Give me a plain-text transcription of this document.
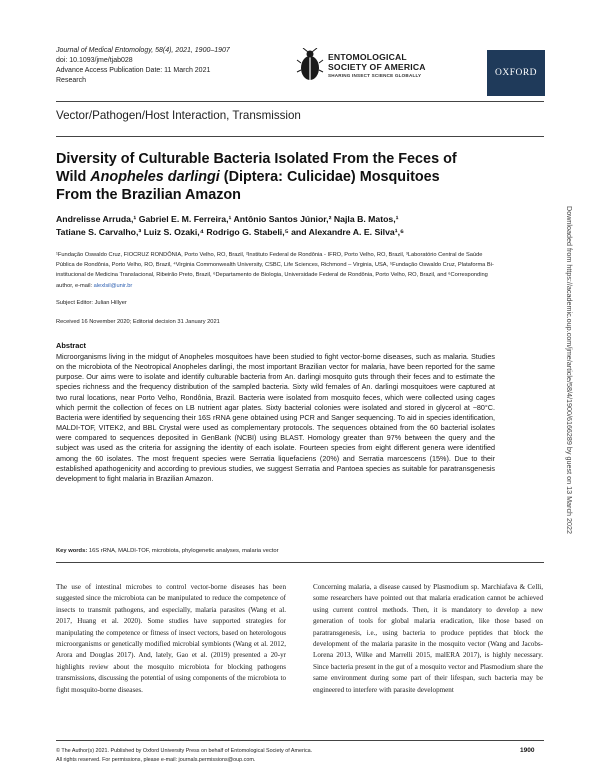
Journal of Medical Entomology, 58(4), 2021, 1900–1907
doi: 10.1093/jme/tjab028
Advance Access Publication Date: 11 March 2021
Research
ENTOMOLOGICAL
SOCIETY OF AMERICA
SHARING INSECT SCIENCE GLOBALLY	OXFORD
Vector/Pathogen/Host Interaction, Transmission
Diversity of Culturable Bacteria Isolated From the Feces of
Wild Anopheles darlingi (Diptera: Culicidae) Mosquitoes
From the Brazilian Amazon
Andrelisse Arruda,¹ Gabriel E. M. Ferreira,¹ Antônio Santos Júnior,² Najla B. Matos,¹
Tatiane S. Carvalho,³ Luiz S. Ozaki,⁴ Rodrigo G. Stabeli,⁵ and Alexandre A. E. Silva¹,⁶
¹Fundação Oswaldo Cruz, FIOCRUZ RONDÔNIA, Porto Velho, RO, Brazil, ²Instituto Federal de Rondônia - IFRO, Porto Velho, RO, Brazil, ³Laboratório Central de Saúde Pública de Rondônia, Porto Velho, RO, Brazil, ⁴Virginia Commonwealth University, CSBC, Life Sciences, Richmond – Virginia, USA, ⁵Fundação Oswaldo Cruz, Plataforma Bi-institucional de Medicina Translacional, Ribeirão Preto, Brazil, ⁶Departamento de Biologia, Universidade Federal de Rondônia, Porto Velho, RO, Brazil, and ⁶Corresponding author, e-mail: alexlsil@unir.br
Subject Editor: Julian Hillyer
Received 16 November 2020; Editorial decision 31 January 2021
Abstract
Microorganisms living in the midgut of Anopheles mosquitoes have been studied to fight vector-borne diseases, such as malaria. Studies on the microbiota of the Neotropical Anopheles darlingi, the most important Brazilian vector for malaria, have been reported for the same purpose. Our aims were to isolate and identify culturable bacteria from An. darlingi mosquito guts through their feces and to estimate the species richness and the frequency distribution of the sampled bacteria. Sixty wild females of An. darlingi mosquitoes were captured at two rural locations, near Porto Velho, Rondônia, Brazil. Bacteria were isolated from mosquito feces, which were collected using cages which permit the collection of feces on LB nutrient agar plates. Sixty bacterial colonies were isolated and stored in glycerol at −80°C. Bacteria were identified by sequencing their 16S rRNA gene obtained using PCR and Sanger sequencing. To aid in species identification, MALDI-TOF, VITEK2, and BBL Crystal were used as complementary protocols. The sequences obtained from the 60 bacterial isolates were compared to sequences deposited in GenBank (NCBI) using BLAST. Homology greater than 97% between the query and the subject was used as the criteria for assigning the identity of each isolate. Fourteen species from eight different genera were identified among the 60 isolates. The most frequent species were Serratia liquefaciens (20%) and Serratia marcescens (15%). Due to their established apathogenicity and according to previous studies, we suggest Serratia and Pantoea species as suitable for paratransgenesis development to fight malaria in Brazilian Amazon.
Key words: 16S rRNA, MALDI-TOF, microbiota, phylogenetic analyses, malaria vector
The use of intestinal microbes to control vector-borne diseases has been suggested since the microbiota can be manipulated to reduce the competence of insects to transmit pathogens, and especially, malaria parasites (Wang et al. 2017, Huang et al. 2020). Some studies have supported strategies for manipulating the competence or fitness of insect vectors, based on heterologous microorganisms or genetically modified microbial symbionts (Wang et al. 2012, Arora and Douglas 2017). And, lately, Gao et al. (2019) presented a 20-yr highlights review about the mosquito microbiota for blocking pathogens transmissions, discussing the potential of using components of the microbiota to fight mosquito-borne diseases.
Concerning malaria, a disease caused by Plasmodium sp. Marchiafava & Celli, some researchers have pointed out that malaria eradication cannot be achieved using current control methods. Then, it is mandatory to develop a new generation of tools for global malaria eradication, like those based on paratransgenesis, i.e., using bacteria to produce peptides that block the development of the malaria parasite in the mosquito vector (Wang and Jacobs-Lorena 2013, Wilke and Marrelli 2015, malERA 2017), is highly necessary. Since bacteria present in the gut of a mosquito vector and Plasmodium share the same environment during some part of their lifespan, such bacteria may be engineered to interfere with parasite development
© The Author(s) 2021. Published by Oxford University Press on behalf of Entomological Society of America.
All rights reserved. For permissions, please e-mail: journals.permissions@oup.com.
1900
Downloaded from https://academic.oup.com/jme/article/58/4/1900/6166289 by guest on 13 March 2022
